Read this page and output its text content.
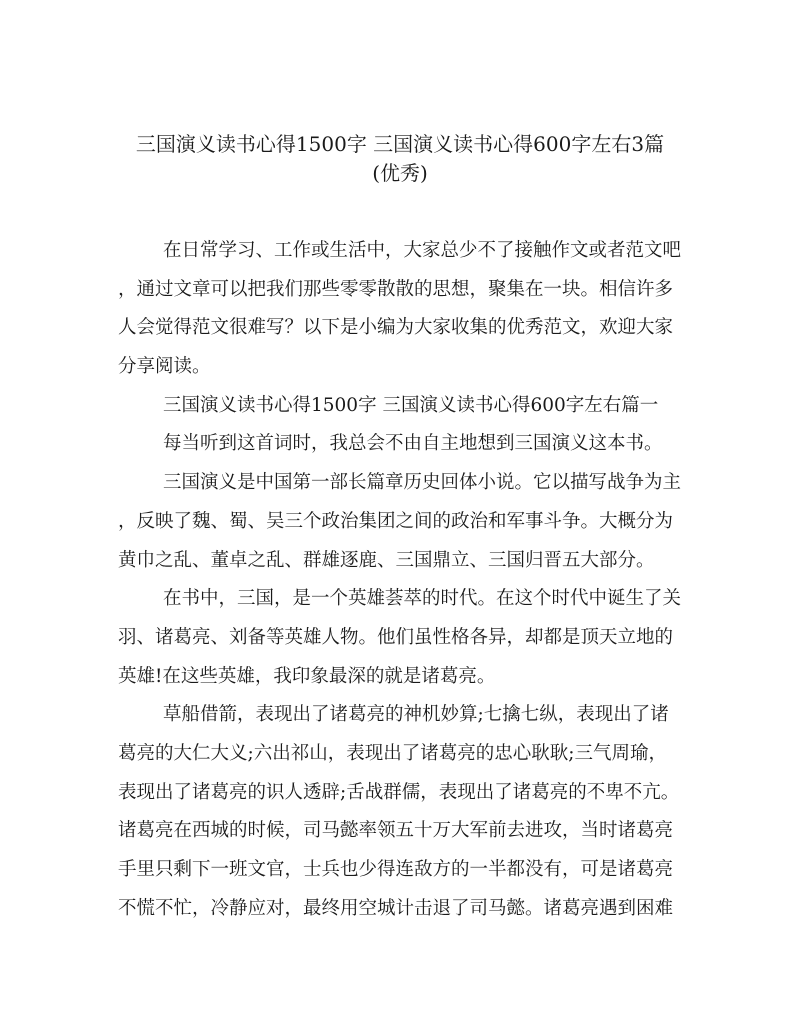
三国演义读书心得1500字 三国演义读书心得600字左右3篇
(优秀)
在日常学习、工作或生活中，大家总少不了接触作文或者范文吧
，通过文章可以把我们那些零零散散的思想，聚集在一块。相信许多
人会觉得范文很难写？以下是小编为大家收集的优秀范文，欢迎大家
分享阅读。
三国演义读书心得1500字 三国演义读书心得600字左右篇一
每当听到这首词时，我总会不由自主地想到三国演义这本书。
三国演义是中国第一部长篇章历史回体小说。它以描写战争为主
，反映了魏、蜀、吴三个政治集团之间的政治和军事斗争。大概分为
黄巾之乱、董卓之乱、群雄逐鹿、三国鼎立、三国归晋五大部分。
在书中，三国，是一个英雄荟萃的时代。在这个时代中诞生了关
羽、诸葛亮、刘备等英雄人物。他们虽性格各异，却都是顶天立地的
英雄!在这些英雄，我印象最深的就是诸葛亮。
草船借箭，表现出了诸葛亮的神机妙算;七擒七纵，表现出了诸
葛亮的大仁大义;六出祁山，表现出了诸葛亮的忠心耿耿;三气周瑜，
表现出了诸葛亮的识人透辟;舌战群儒，表现出了诸葛亮的不卑不亢。
诸葛亮在西城的时候，司马懿率领五十万大军前去进攻，当时诸葛亮
手里只剩下一班文官，士兵也少得连敌方的一半都没有，可是诸葛亮
不慌不忙，冷静应对，最终用空城计击退了司马懿。诸葛亮遇到困难
